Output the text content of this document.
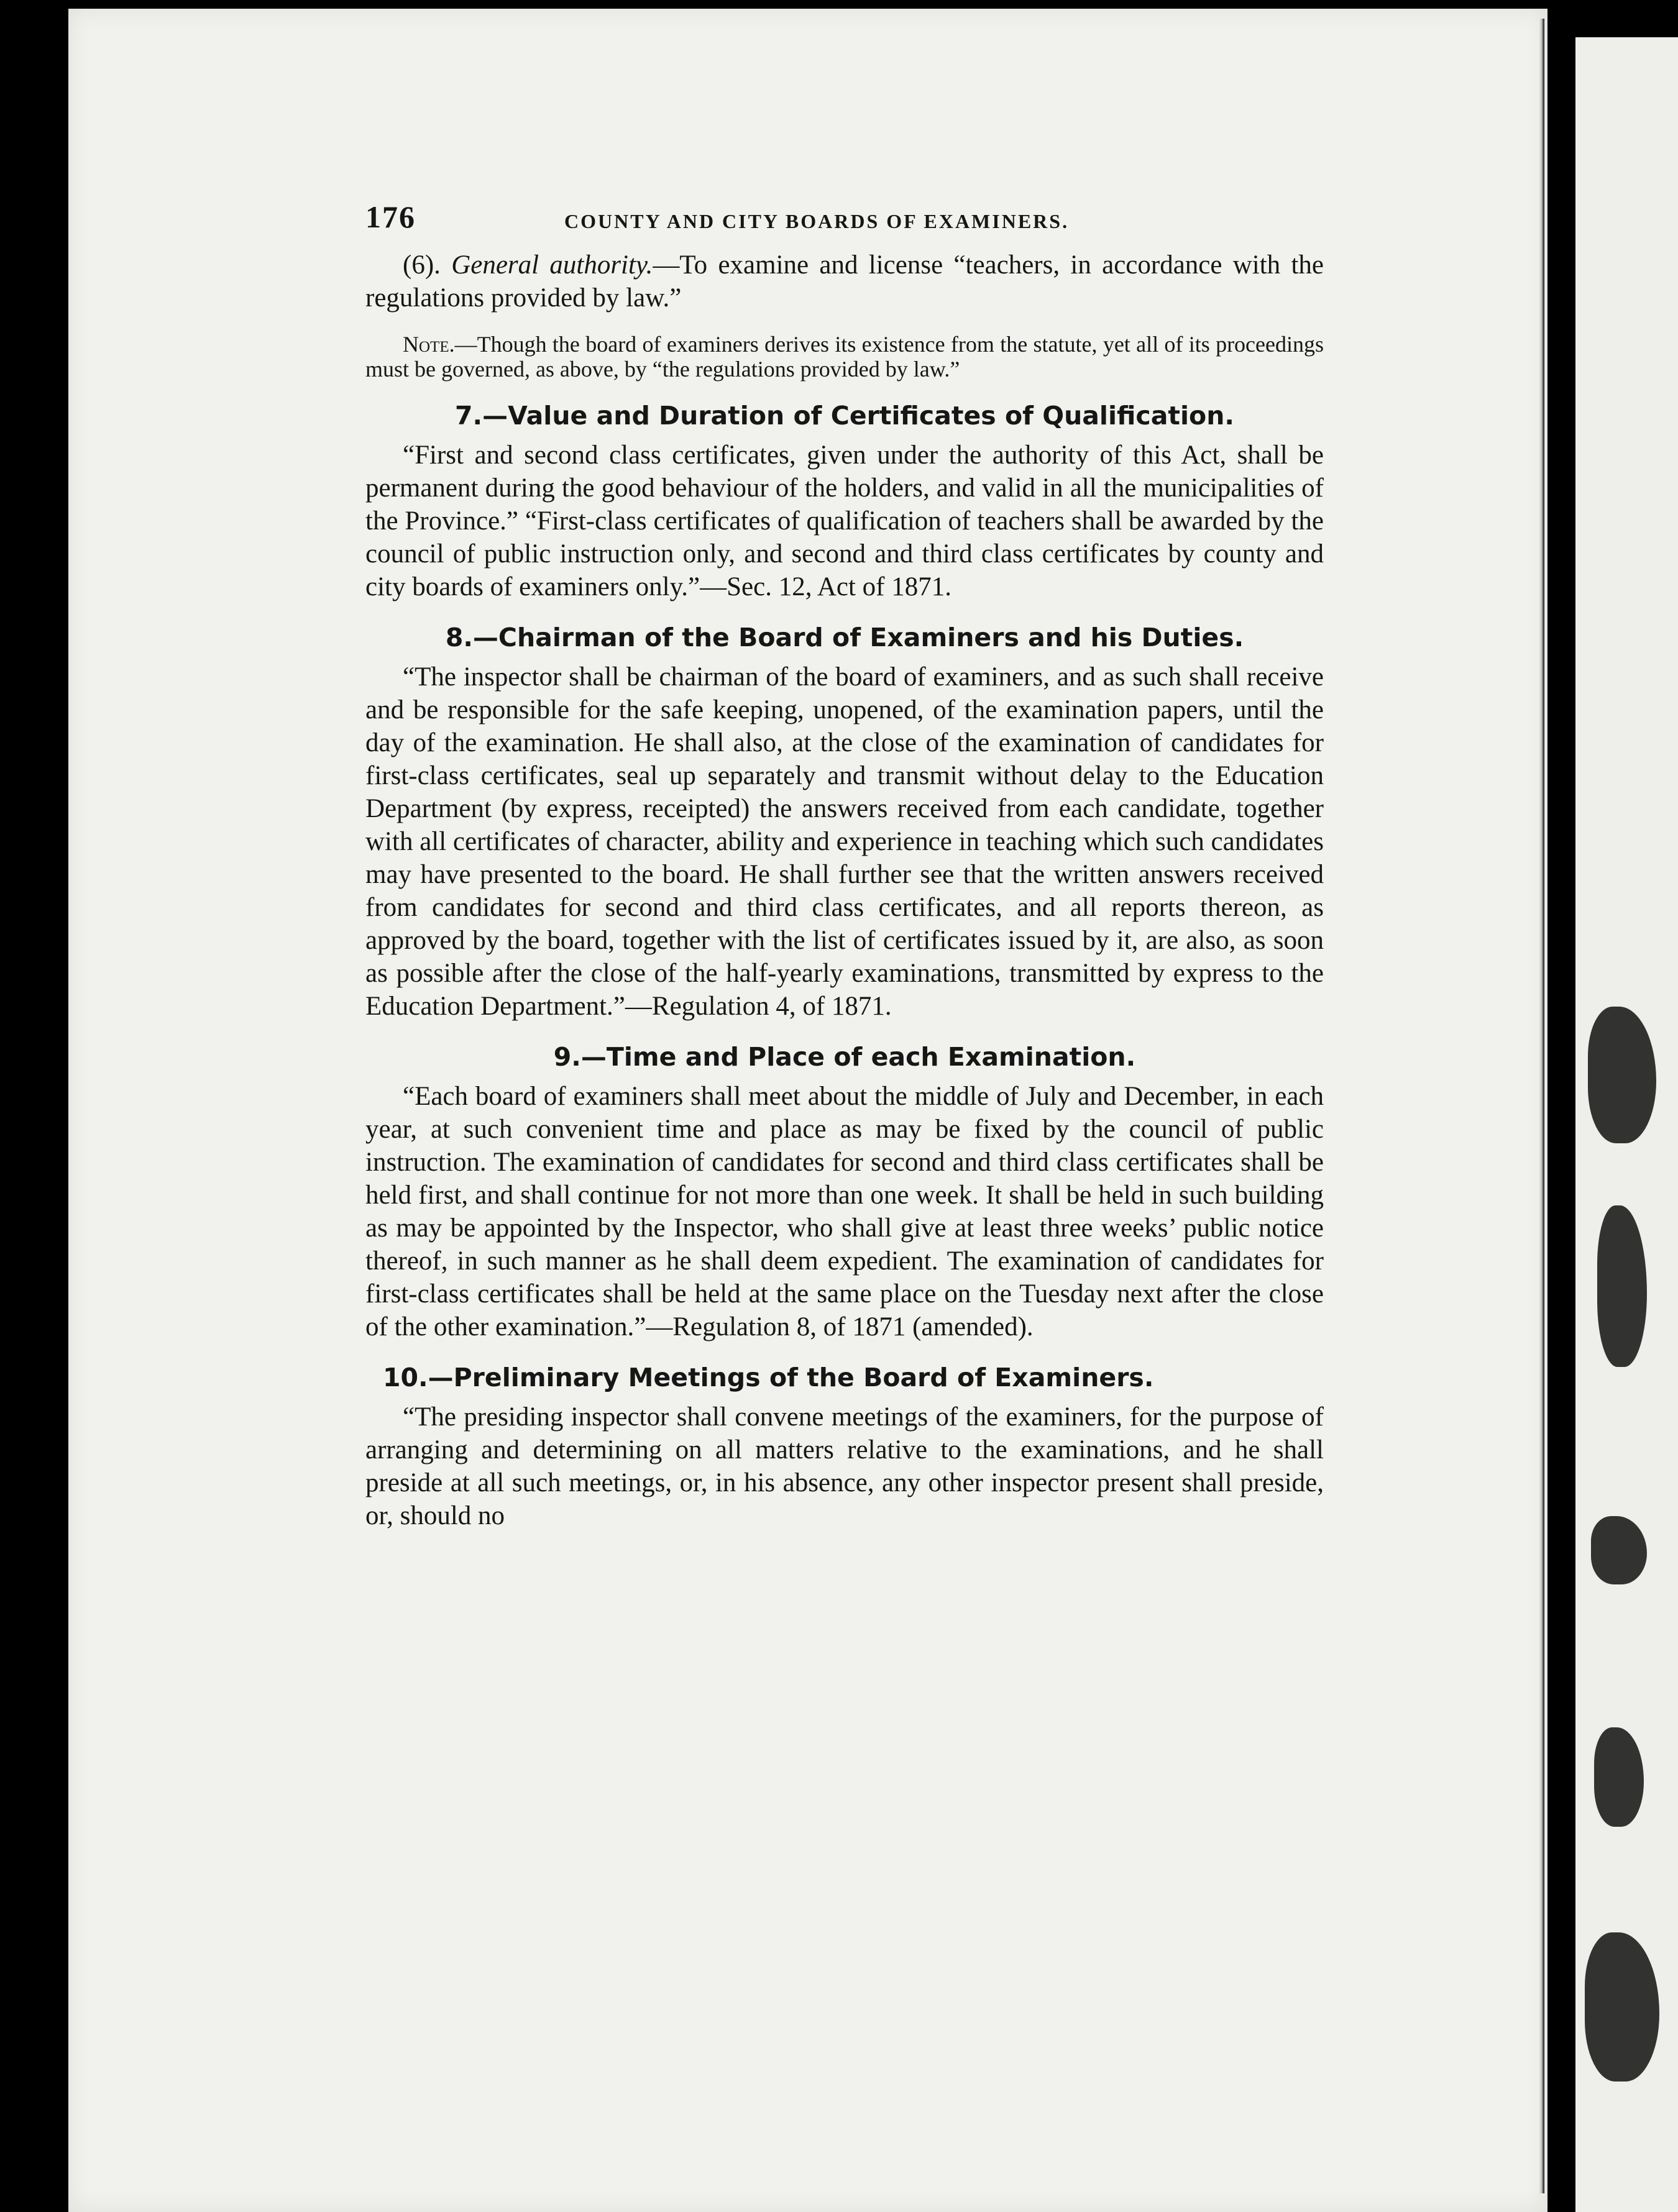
176	COUNTY AND CITY BOARDS OF EXAMINERS.

(6). General authority.—To examine and license “teachers, in accordance with the regulations provided by law.”

Note.—Though the board of examiners derives its existence from the statute, yet all of its proceedings must be governed, as above, by “the regulations provided by law.”

7.—Value and Duration of Certificates of Qualification.

“First and second class certificates, given under the authority of this Act, shall be permanent during the good behaviour of the holders, and valid in all the municipalities of the Province.” “First-class certificates of qualification of teachers shall be awarded by the council of public instruction only, and second and third class certificates by county and city boards of examiners only.”—Sec. 12, Act of 1871.

8.—Chairman of the Board of Examiners and his Duties.

“The inspector shall be chairman of the board of examiners, and as such shall receive and be responsible for the safe keeping, unopened, of the examination papers, until the day of the examination. He shall also, at the close of the examination of candidates for first-class certificates, seal up separately and transmit without delay to the Education Department (by express, receipted) the answers received from each candidate, together with all certificates of character, ability and experience in teaching which such candidates may have presented to the board. He shall further see that the written answers received from candidates for second and third class certificates, and all reports thereon, as approved by the board, together with the list of certificates issued by it, are also, as soon as possible after the close of the half-yearly examinations, transmitted by express to the Education Department.”—Regulation 4, of 1871.

9.—Time and Place of each Examination.

“Each board of examiners shall meet about the middle of July and December, in each year, at such convenient time and place as may be fixed by the council of public instruction. The examination of candidates for second and third class certificates shall be held first, and shall continue for not more than one week. It shall be held in such building as may be appointed by the Inspector, who shall give at least three weeks’ public notice thereof, in such manner as he shall deem expedient. The examination of candidates for first-class certificates shall be held at the same place on the Tuesday next after the close of the other examination.”—Regulation 8, of 1871 (amended).

10.—Preliminary Meetings of the Board of Examiners.

“The presiding inspector shall convene meetings of the examiners, for the purpose of arranging and determining on all matters relative to the examinations, and he shall preside at all such meetings, or, in his absence, any other inspector present shall preside, or, should no
